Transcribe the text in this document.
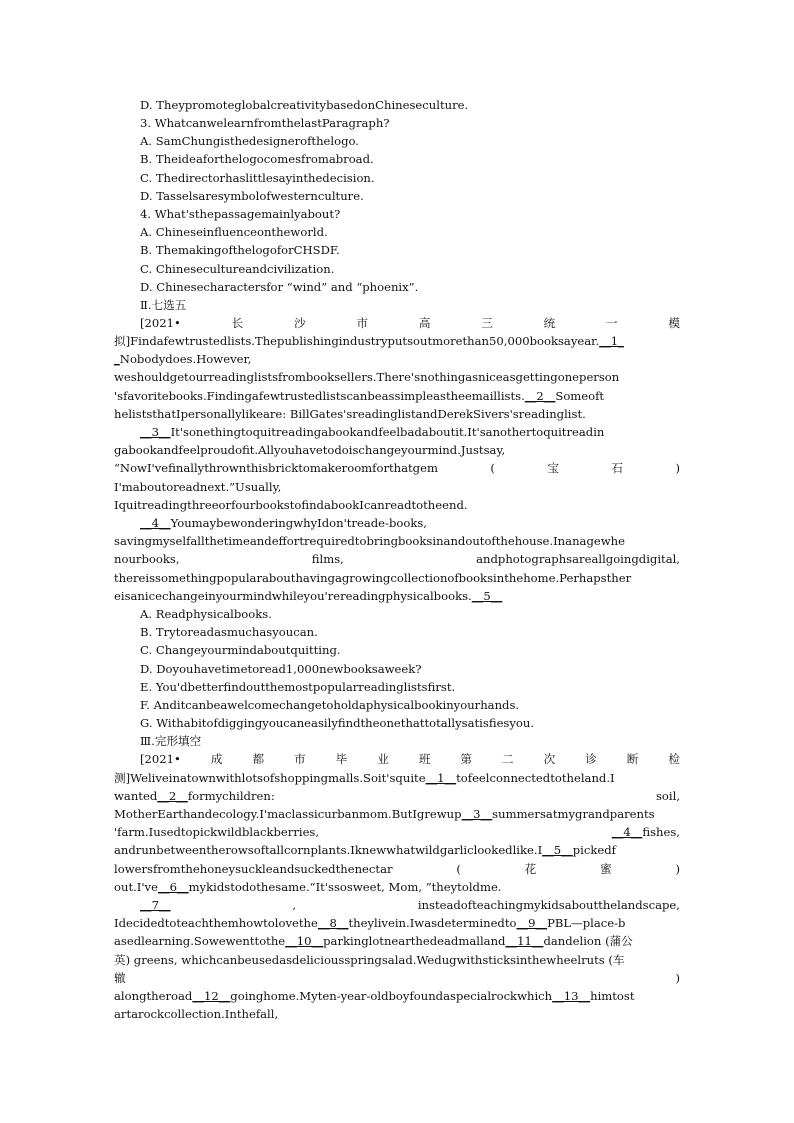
D. TheypromoteglobalcreativitybasedonChineseculture.
3. WhatcanwelearnfromthelastParagraph?
A. SamChungisthedesignerofthelogo.
B. Theideaforthelogocomesfromabroad.
C. Thedirectorhaslittlesayinthedecision.
D. Tasselsaresymbolofwesternculture.
4. What'sthepassagemainlyabout?
A. Chineseinfluenceontheworld.
B. ThemakingofthelogoforCHSDF.
C. Chinesecultureandcivilization.
D. Chinesecharactersfor “wind” and “phoenix”.
Ⅱ.七选五
[2021•	长	沙	市	高	三	统	一	模
拟]Findafewtrustedlists.Thepublishingindustryputsoutmorethan50,000booksayear.__1_
_Nobodydoes.However,
weshouldgetourreadinglistsfrombooksellers.There'snothingasniceasgettingoneperson
'sfavoritebooks.Findingafewtrustedlistscanbeassimpleastheemaillists.__2__Someoft
heliststhatIpersonallylikeare: BillGates'sreadinglistandDerekSivers'sreadinglist.
__3__It'sonethingtoquitreadingabookandfeelbadaboutit.It'sanothertoquitreadin
gabookandfeelproudofit.Allyouhavetodoischangeyourmind.Justsay,
“NowI'vefinallythrownthisbricktomakeroomforthatgem	(	宝	石	)
I'maboutoreadnext.”Usually,
IquitreadingthreeorfourbookstofindabookIcanreadtotheend.
__4__YoumaybewonderingwhyIdon'treade-books,
savingmyselfallthetimeandeffortrequiredtobringbooksinandoutofthehouse.Inanagewhe
nourbooks,	films,	andphotographsareallgoingdigital,
thereissomethingpopularabouthavingagrowingcollectionofbooksinthehome.Perhapsther
eisanicechangeinyourmindwhileyou'rereadingphysicalbooks.__5__
A. Readphysicalbooks.
B. Trytoreadasmuchasyoucan.
C. Changeyourmindaboutquitting.
D. Doyouhavetimetoread1,000newbooksaweek?
E. You'dbetterfindoutthemostpopularreadinglistsfirst.
F. Anditcanbeawelcomechangetoholdaphysicalbookinyourhands.
G. Withabitofdiggingyoucaneasilyfindtheonethattotallysatisfiesyou.
Ⅲ.完形填空
[2021•	成	都	市	毕	业	班	第	二	次	诊	断	检
测]Weliveinatownwithlotsofshoppingmalls.Soit'squite__1__tofeelconnectedtotheland.I
wanted__2__formychildren:	soil,
MotherEarthandecology.I'maclassicurbanmom.ButIgrewup__3__summersatmygrandparents
'farm.Iusedtopickwildblackberries,	__4__fishes,
andrunbetweentherowsoftallcornplants.Iknewwhatwildgarliclookedlike.I__5__pickedf
lowersfromthehoneysuckleandsuckedthenectar	(	花	蜜	)
out.I've__6__mykidstodothesame.“It'ssosweet, Mom, ”theytoldme.
__7__	,	insteadofteachingmykidsaboutthelandscape,
Idecidedtoteachthemhowtolovethe__8__theylivein.Iwasdeterminedto__9__PBL—place-b
asedlearning.Sowewenttothe__10__parkinglotnearthedeadmalland__11__dandelion (蒲公
英) greens, whichcanbeusedasdeliciousspringsalad.Wedugwithsticksinthewheelruts (车
辙	)
alongtheroad__12__goinghome.Myten-year-oldboyfoundaspecialrockwhich__13__himtost
artarockcollection.Inthefall,
